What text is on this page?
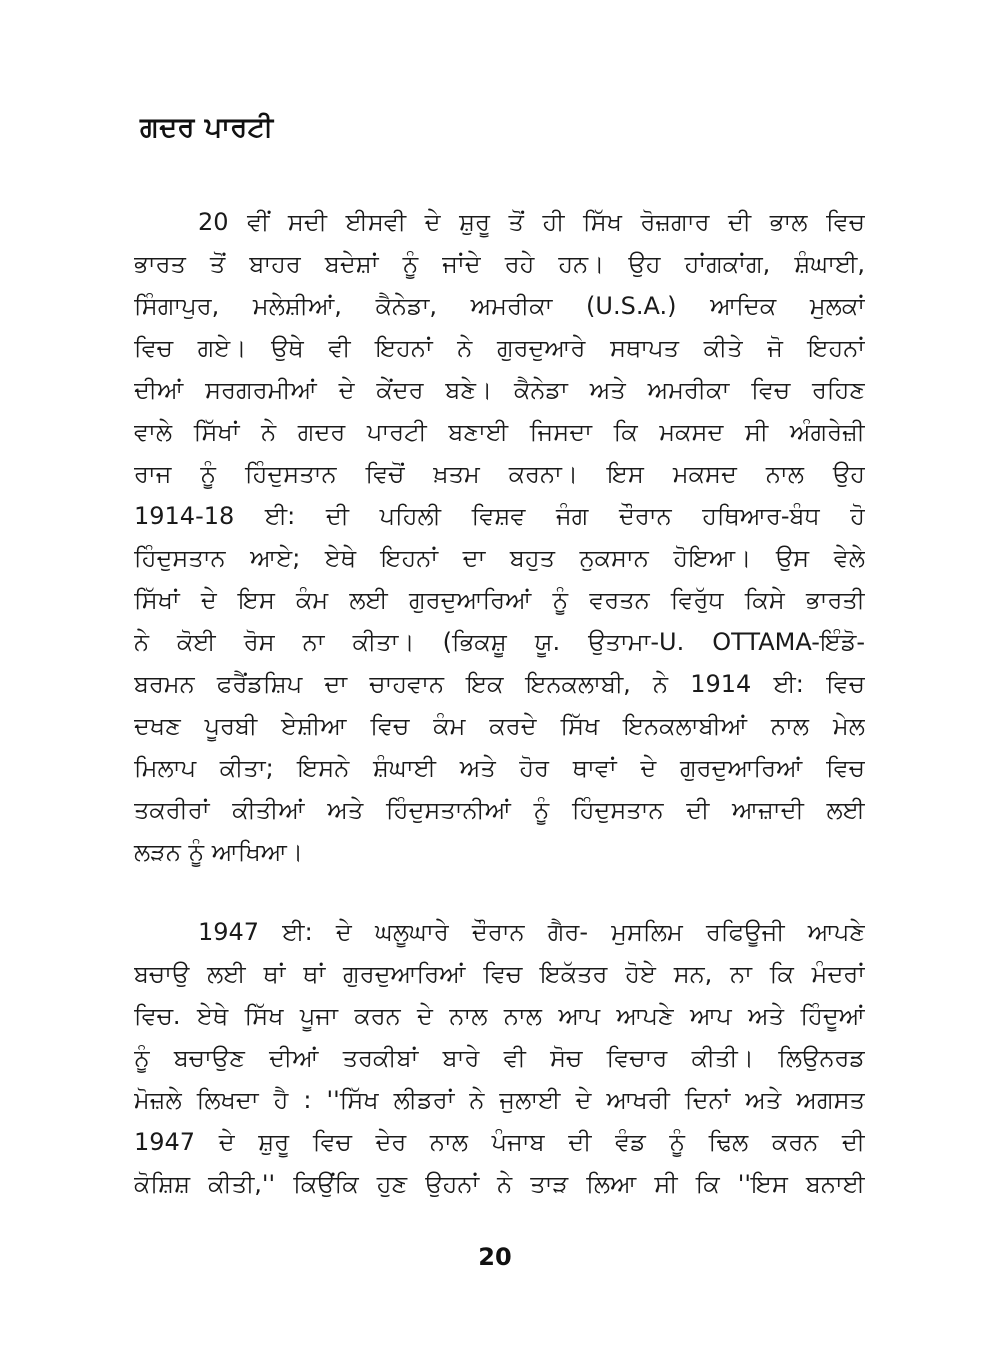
ਗਦਰ ਪਾਰਟੀ
20 ਵੀਂ ਸਦੀ ਈਸਵੀ ਦੇ ਸ਼ੁਰੂ ਤੋਂ ਹੀ ਸਿੱਖ ਰੋਜ਼ਗਾਰ ਦੀ ਭਾਲ ਵਿਚ
ਭਾਰਤ ਤੋਂ ਬਾਹਰ ਬਦੇਸ਼ਾਂ ਨੂੰ ਜਾਂਦੇ ਰਹੇ ਹਨ। ਉਹ ਹਾਂਗਕਾਂਗ, ਸ਼ੰਘਾਈ,
ਸਿੰਗਾਪੁਰ, ਮਲੇਸ਼ੀਆਂ, ਕੈਨੇਡਾ, ਅਮਰੀਕਾ (U.S.A.) ਆਦਿਕ ਮੁਲਕਾਂ
ਵਿਚ ਗਏ। ਉਥੇ ਵੀ ਇਹਨਾਂ ਨੇ ਗੁਰਦੁਆਰੇ ਸਥਾਪਤ ਕੀਤੇ ਜੋ ਇਹਨਾਂ
ਦੀਆਂ ਸਰਗਰਮੀਆਂ ਦੇ ਕੇਂਦਰ ਬਣੇ। ਕੈਨੇਡਾ ਅਤੇ ਅਮਰੀਕਾ ਵਿਚ ਰਹਿਣ
ਵਾਲੇ ਸਿੱਖਾਂ ਨੇ ਗਦਰ ਪਾਰਟੀ ਬਣਾਈ ਜਿਸਦਾ ਕਿ ਮਕਸਦ ਸੀ ਅੰਗਰੇਜ਼ੀ
ਰਾਜ ਨੂੰ ਹਿੰਦੁਸਤਾਨ ਵਿਚੋਂ ਖ਼ਤਮ ਕਰਨਾ। ਇਸ ਮਕਸਦ ਨਾਲ ਉਹ
1914-18 ਈ: ਦੀ ਪਹਿਲੀ ਵਿਸ਼ਵ ਜੰਗ ਦੌਰਾਨ ਹਥਿਆਰ-ਬੰਧ ਹੋ
ਹਿੰਦੁਸਤਾਨ ਆਏ; ਏਥੇ ਇਹਨਾਂ ਦਾ ਬਹੁਤ ਨੁਕਸਾਨ ਹੋਇਆ। ਉਸ ਵੇਲੇ
ਸਿੱਖਾਂ ਦੇ ਇਸ ਕੰਮ ਲਈ ਗੁਰਦੁਆਰਿਆਂ ਨੂੰ ਵਰਤਨ ਵਿਰੁੱਧ ਕਿਸੇ ਭਾਰਤੀ
ਨੇ ਕੋਈ ਰੋਸ ਨਾ ਕੀਤਾ। (ਭਿਕਸ਼ੂ ਯੂ. ਉਤਾਮਾ-U. OTTAMA-ਇੰਡੋ-
ਬਰਮਨ ਫਰੈਂਡਸ਼ਿਪ ਦਾ ਚਾਹਵਾਨ ਇਕ ਇਨਕਲਾਬੀ, ਨੇ 1914 ਈ: ਵਿਚ
ਦਖਣ ਪੂਰਬੀ ਏਸ਼ੀਆ ਵਿਚ ਕੰਮ ਕਰਦੇ ਸਿੱਖ ਇਨਕਲਾਬੀਆਂ ਨਾਲ ਮੇਲ
ਮਿਲਾਪ ਕੀਤਾ; ਇਸਨੇ ਸ਼ੰਘਾਈ ਅਤੇ ਹੋਰ ਥਾਵਾਂ ਦੇ ਗੁਰਦੁਆਰਿਆਂ ਵਿਚ
ਤਕਰੀਰਾਂ ਕੀਤੀਆਂ ਅਤੇ ਹਿੰਦੁਸਤਾਨੀਆਂ ਨੂੰ ਹਿੰਦੁਸਤਾਨ ਦੀ ਆਜ਼ਾਦੀ ਲਈ
ਲੜਨ ਨੂੰ ਆਖਿਆ।
1947 ਈ: ਦੇ ਘਲੂਘਾਰੇ ਦੌਰਾਨ ਗੈਰ- ਮੁਸਲਿਮ ਰਫਿਊਜੀ ਆਪਣੇ
ਬਚਾਉ ਲਈ ਥਾਂ ਥਾਂ ਗੁਰਦੁਆਰਿਆਂ ਵਿਚ ਇਕੱਤਰ ਹੋਏ ਸਨ, ਨਾ ਕਿ ਮੰਦਰਾਂ
ਵਿਚ. ਏਥੇ ਸਿੱਖ ਪੂਜਾ ਕਰਨ ਦੇ ਨਾਲ ਨਾਲ ਆਪ ਆਪਣੇ ਆਪ ਅਤੇ ਹਿੰਦੂਆਂ
ਨੂੰ ਬਚਾਉਣ ਦੀਆਂ ਤਰਕੀਬਾਂ ਬਾਰੇ ਵੀ ਸੋਚ ਵਿਚਾਰ ਕੀਤੀ। ਲਿਉਨਰਡ
ਮੋਜ਼ਲੇ ਲਿਖਦਾ ਹੈ : ''ਸਿੱਖ ਲੀਡਰਾਂ ਨੇ ਜੁਲਾਈ ਦੇ ਆਖਰੀ ਦਿਨਾਂ ਅਤੇ ਅਗਸਤ
1947 ਦੇ ਸ਼ੁਰੂ ਵਿਚ ਦੇਰ ਨਾਲ ਪੰਜਾਬ ਦੀ ਵੰਡ ਨੂੰ ਢਿਲ ਕਰਨ ਦੀ
ਕੋਸ਼ਿਸ਼ ਕੀਤੀ,'' ਕਿਉਂਕਿ ਹੁਣ ਉਹਨਾਂ ਨੇ ਤਾੜ ਲਿਆ ਸੀ ਕਿ ''ਇਸ ਬਨਾਈ
20
